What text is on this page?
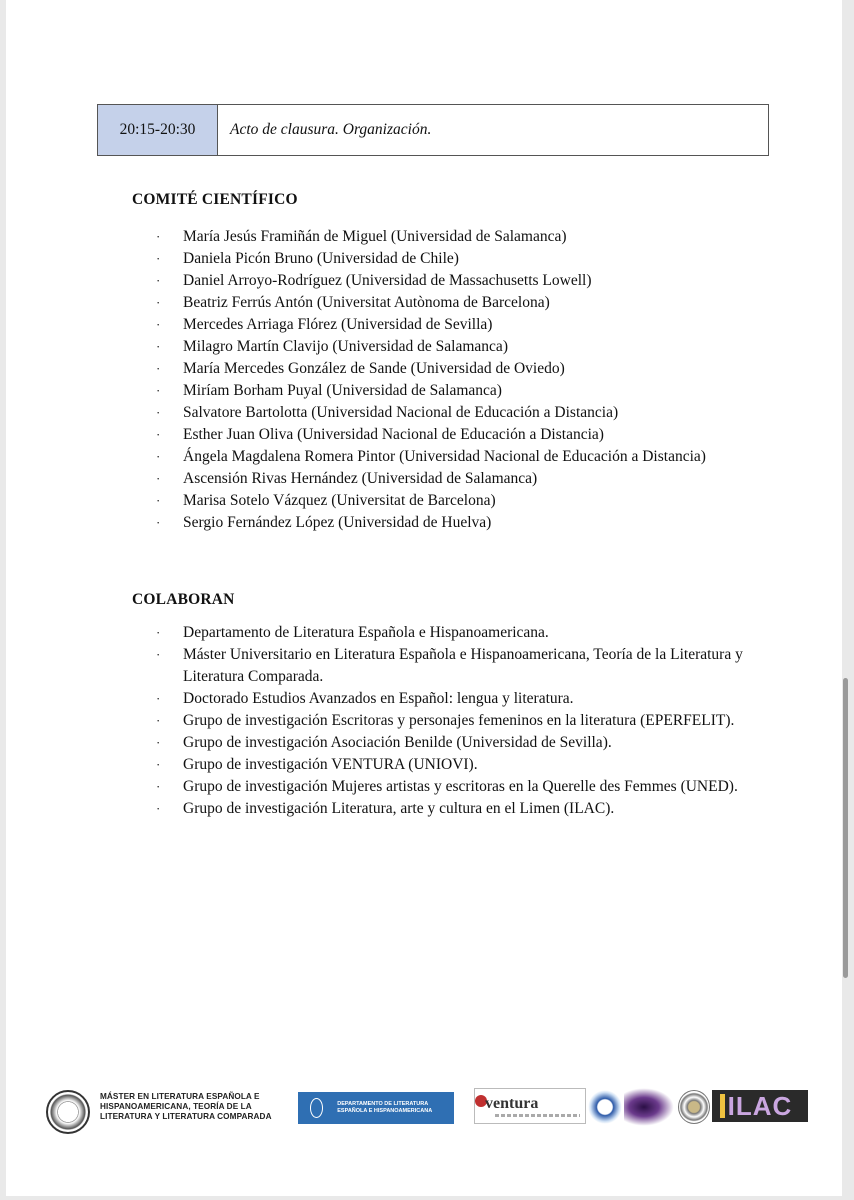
20:15-20:30	Acto de clausura. Organización.
COMITÉ CIENTÍFICO
· María Jesús Framiñán de Miguel (Universidad de Salamanca)
· Daniela Picón Bruno (Universidad de Chile)
· Daniel Arroyo-Rodríguez (Universidad de Massachusetts Lowell)
· Beatriz Ferrús Antón (Universitat Autònoma de Barcelona)
· Mercedes Arriaga Flórez (Universidad de Sevilla)
· Milagro Martín Clavijo (Universidad de Salamanca)
· María Mercedes González de Sande (Universidad de Oviedo)
· Miríam Borham Puyal (Universidad de Salamanca)
· Salvatore Bartolotta (Universidad Nacional de Educación a Distancia)
· Esther Juan Oliva (Universidad Nacional de Educación a Distancia)
· Ángela Magdalena Romera Pintor (Universidad Nacional de Educación a Distancia)
· Ascensión Rivas Hernández (Universidad de Salamanca)
· Marisa Sotelo Vázquez (Universitat de Barcelona)
· Sergio Fernández López (Universidad de Huelva)
COLABORAN
· Departamento de Literatura Española e Hispanoamericana.
· Máster Universitario en Literatura Española e Hispanoamericana, Teoría de la Literatura y Literatura Comparada.
· Doctorado Estudios Avanzados en Español: lengua y literatura.
· Grupo de investigación Escritoras y personajes femeninos en la literatura (EPERFELIT).
· Grupo de investigación Asociación Benilde (Universidad de Sevilla).
· Grupo de investigación VENTURA (UNIOVI).
· Grupo de investigación Mujeres artistas y escritoras en la Querelle des Femmes (UNED).
· Grupo de investigación Literatura, arte y cultura en el Limen (ILAC).
MÁSTER EN LITERATURA ESPAÑOLA E HISPANOAMERICANA, TEORÍA DE LA LITERATURA Y LITERATURA COMPARADA
DEPARTAMENTO DE LITERATURA ESPAÑOLA E HISPANOAMERICANA	ventura	ILAC
